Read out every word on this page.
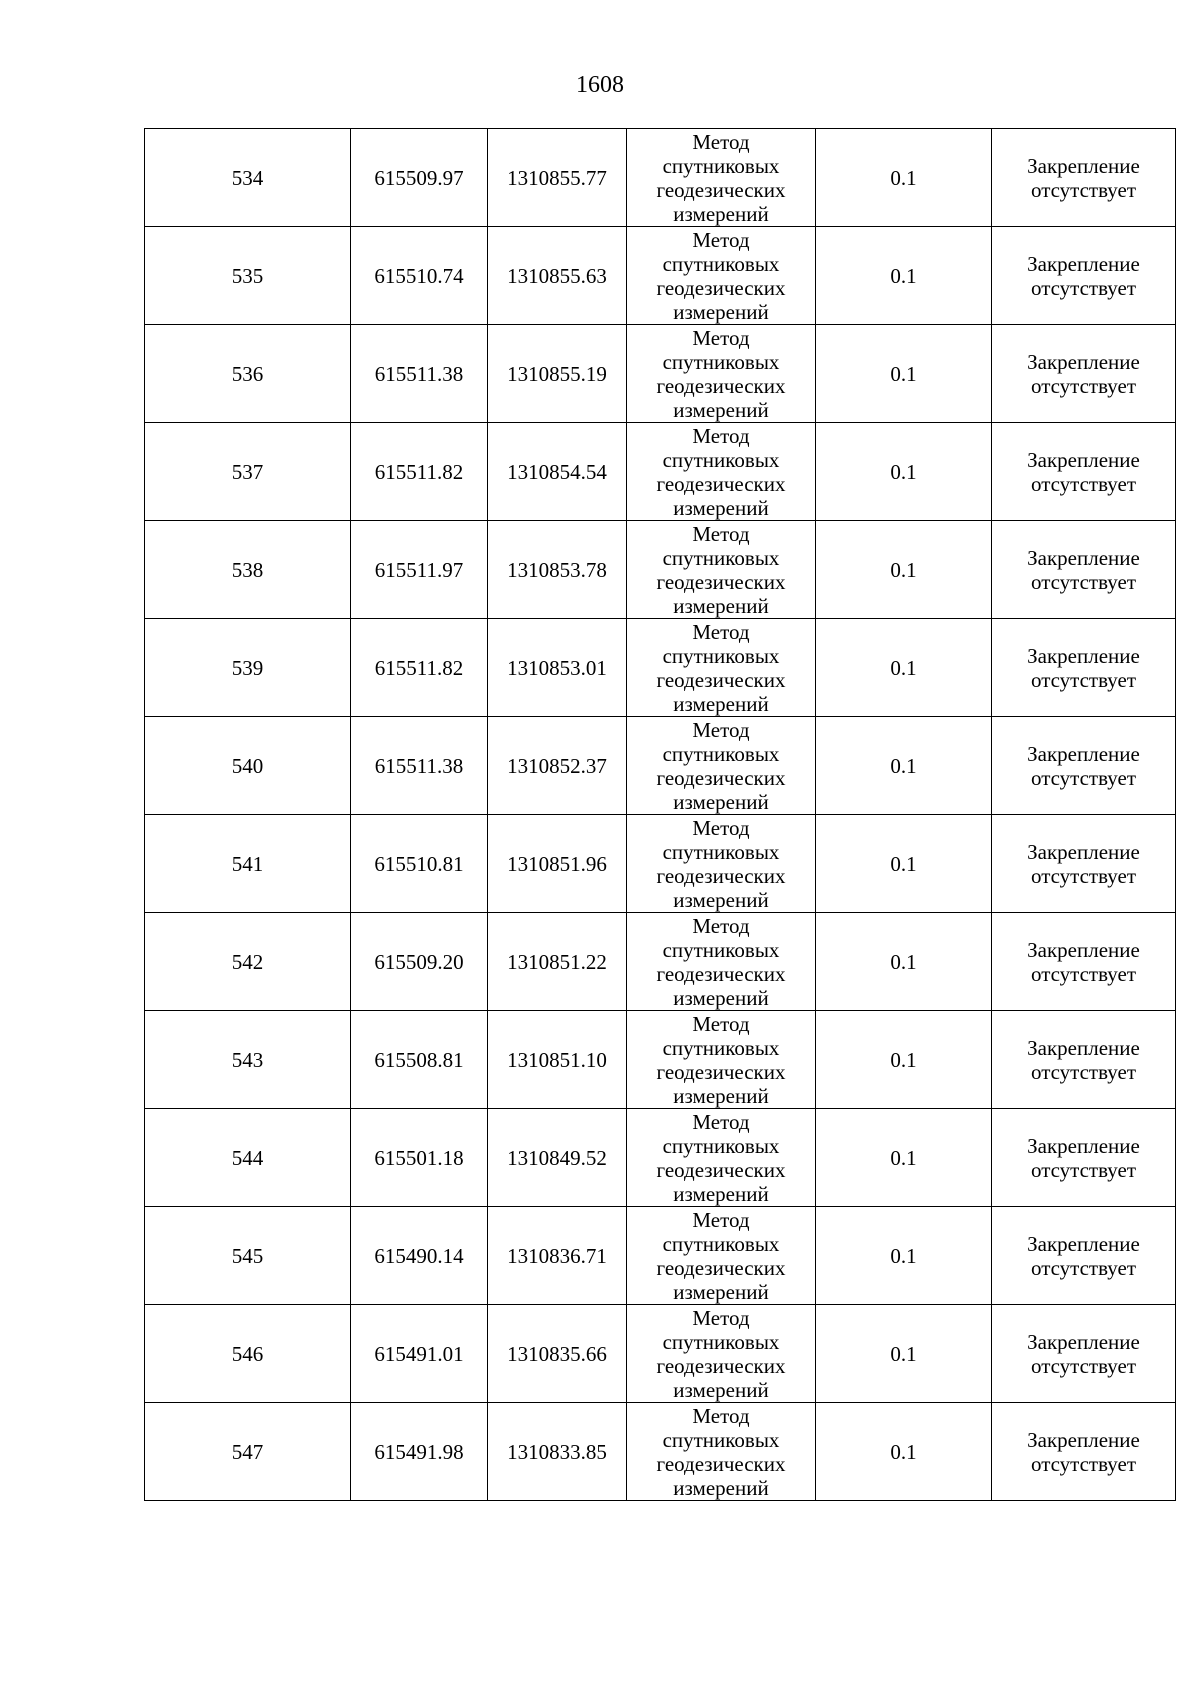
1608
534	615509.97	1310855.77	Метод
спутниковых
геодезических
измерений	0.1	Закрепление
отсутствует

535	615510.74	1310855.63	Метод
спутниковых
геодезических
измерений	0.1	Закрепление
отсутствует

536	615511.38	1310855.19	Метод
спутниковых
геодезических
измерений	0.1	Закрепление
отсутствует

537	615511.82	1310854.54	Метод
спутниковых
геодезических
измерений	0.1	Закрепление
отсутствует

538	615511.97	1310853.78	Метод
спутниковых
геодезических
измерений	0.1	Закрепление
отсутствует

539	615511.82	1310853.01	Метод
спутниковых
геодезических
измерений	0.1	Закрепление
отсутствует

540	615511.38	1310852.37	Метод
спутниковых
геодезических
измерений	0.1	Закрепление
отсутствует

541	615510.81	1310851.96	Метод
спутниковых
геодезических
измерений	0.1	Закрепление
отсутствует

542	615509.20	1310851.22	Метод
спутниковых
геодезических
измерений	0.1	Закрепление
отсутствует

543	615508.81	1310851.10	Метод
спутниковых
геодезических
измерений	0.1	Закрепление
отсутствует

544	615501.18	1310849.52	Метод
спутниковых
геодезических
измерений	0.1	Закрепление
отсутствует

545	615490.14	1310836.71	Метод
спутниковых
геодезических
измерений	0.1	Закрепление
отсутствует

546	615491.01	1310835.66	Метод
спутниковых
геодезических
измерений	0.1	Закрепление
отсутствует

547	615491.98	1310833.85	Метод
спутниковых
геодезических
измерений	0.1	Закрепление
отсутствует
